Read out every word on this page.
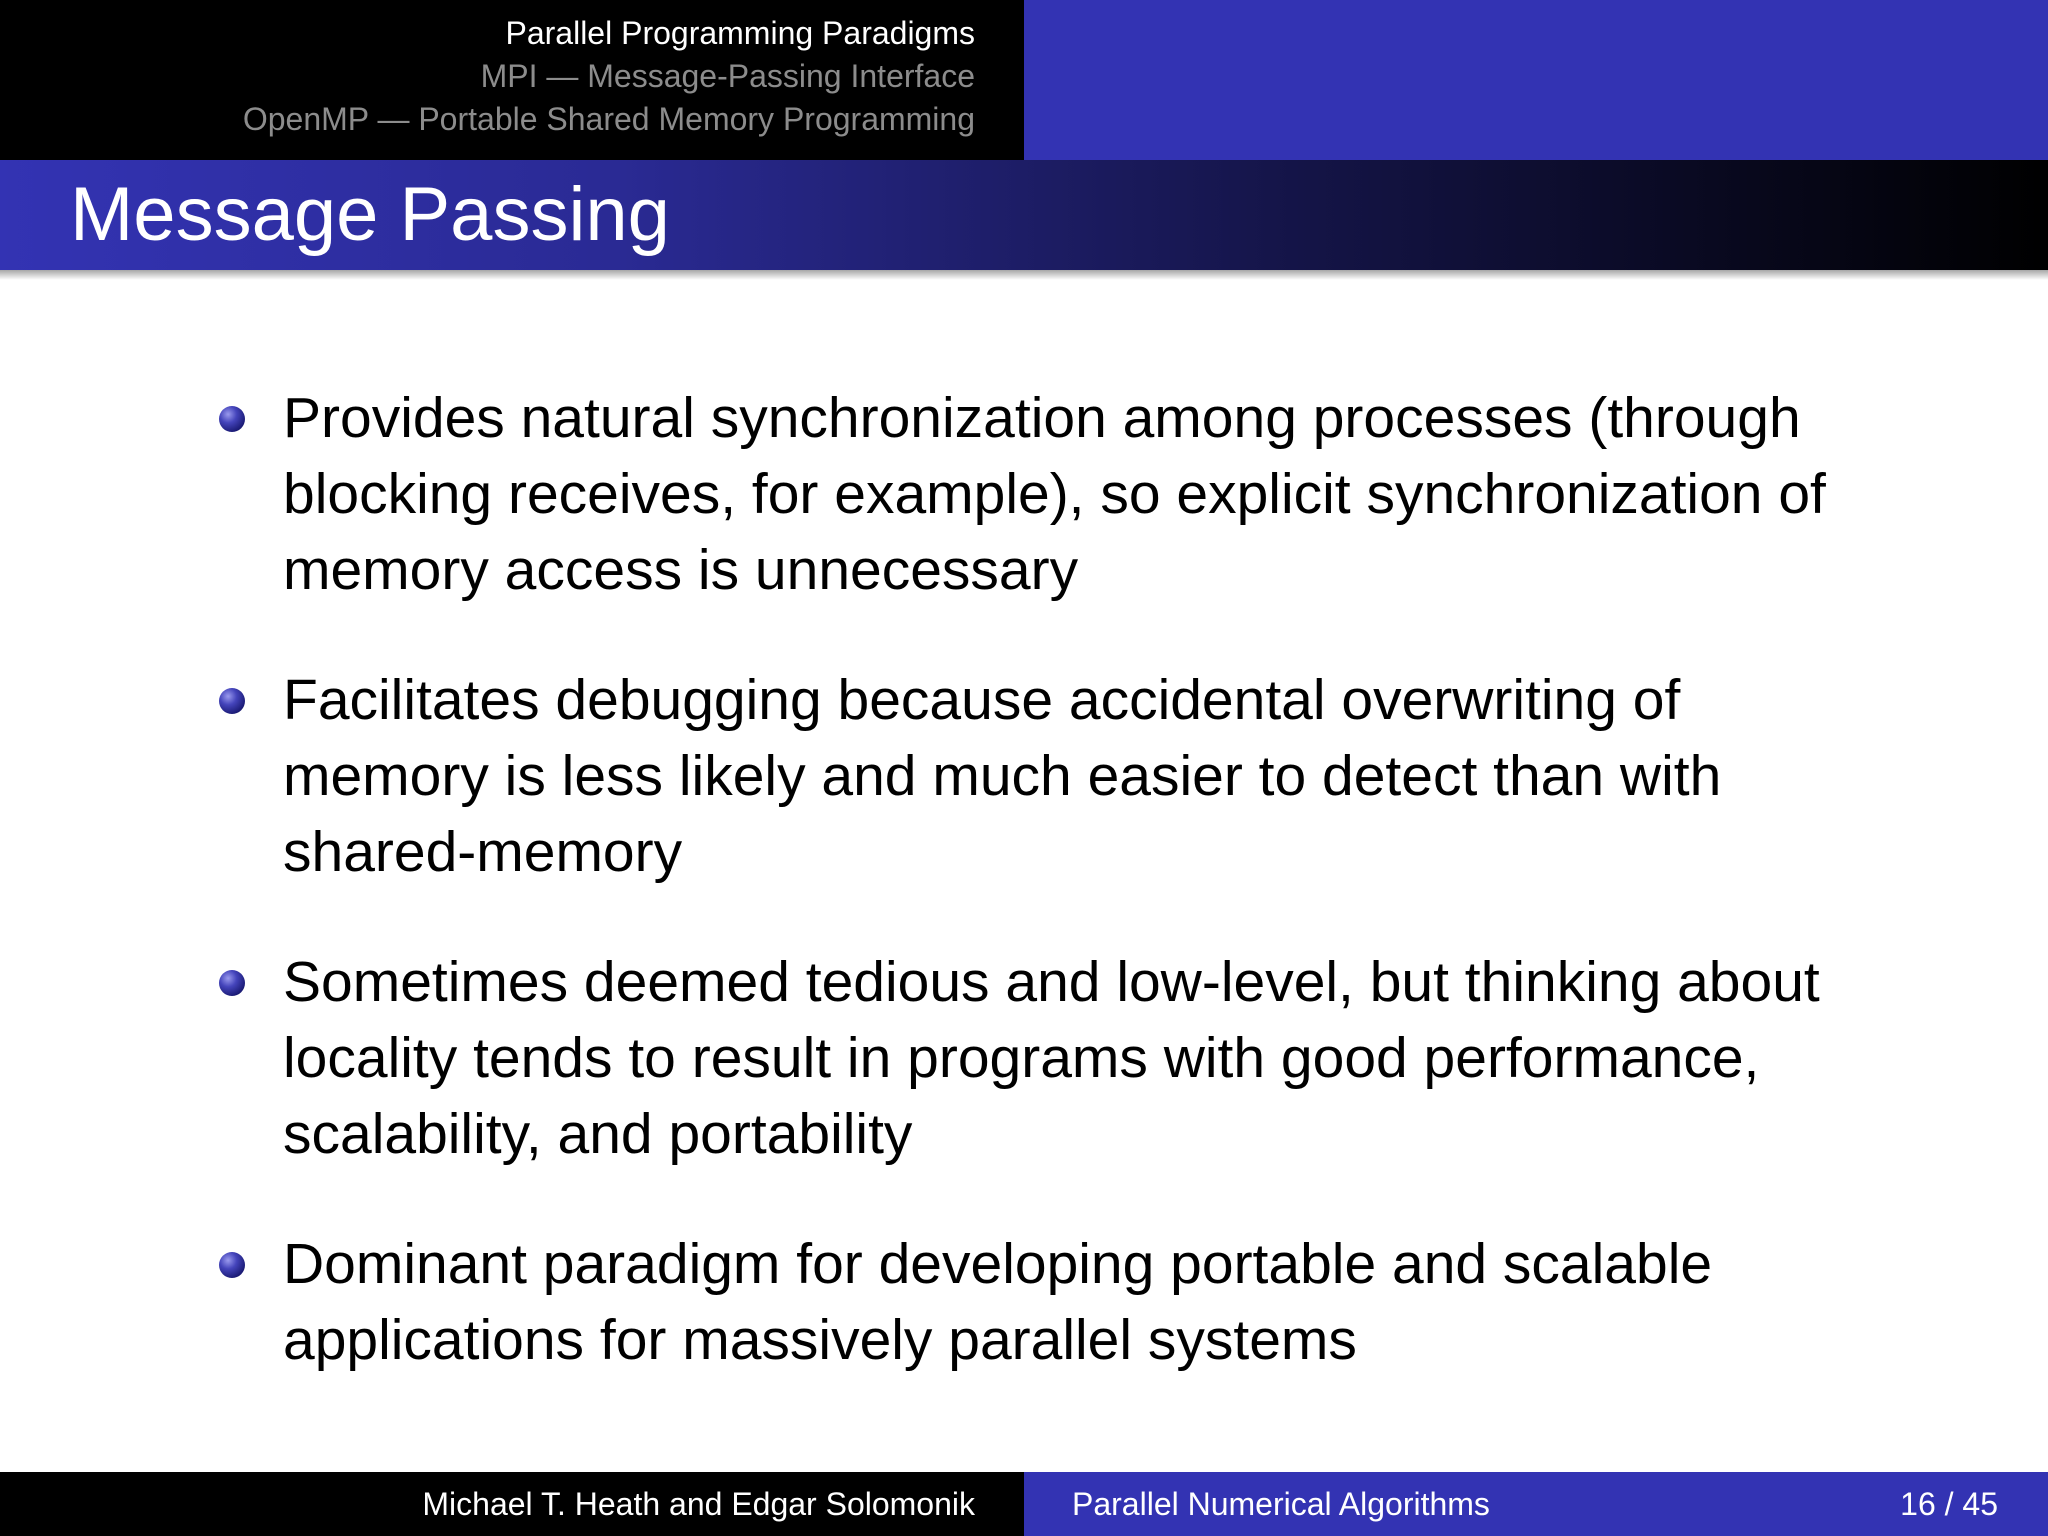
Parallel Programming Paradigms
MPI — Message-Passing Interface
OpenMP — Portable Shared Memory Programming
Message Passing
Provides natural synchronization among processes (through blocking receives, for example), so explicit synchronization of memory access is unnecessary
Facilitates debugging because accidental overwriting of memory is less likely and much easier to detect than with shared-memory
Sometimes deemed tedious and low-level, but thinking about locality tends to result in programs with good performance, scalability, and portability
Dominant paradigm for developing portable and scalable applications for massively parallel systems
Michael T. Heath and Edgar Solomonik	Parallel Numerical Algorithms	16 / 45
